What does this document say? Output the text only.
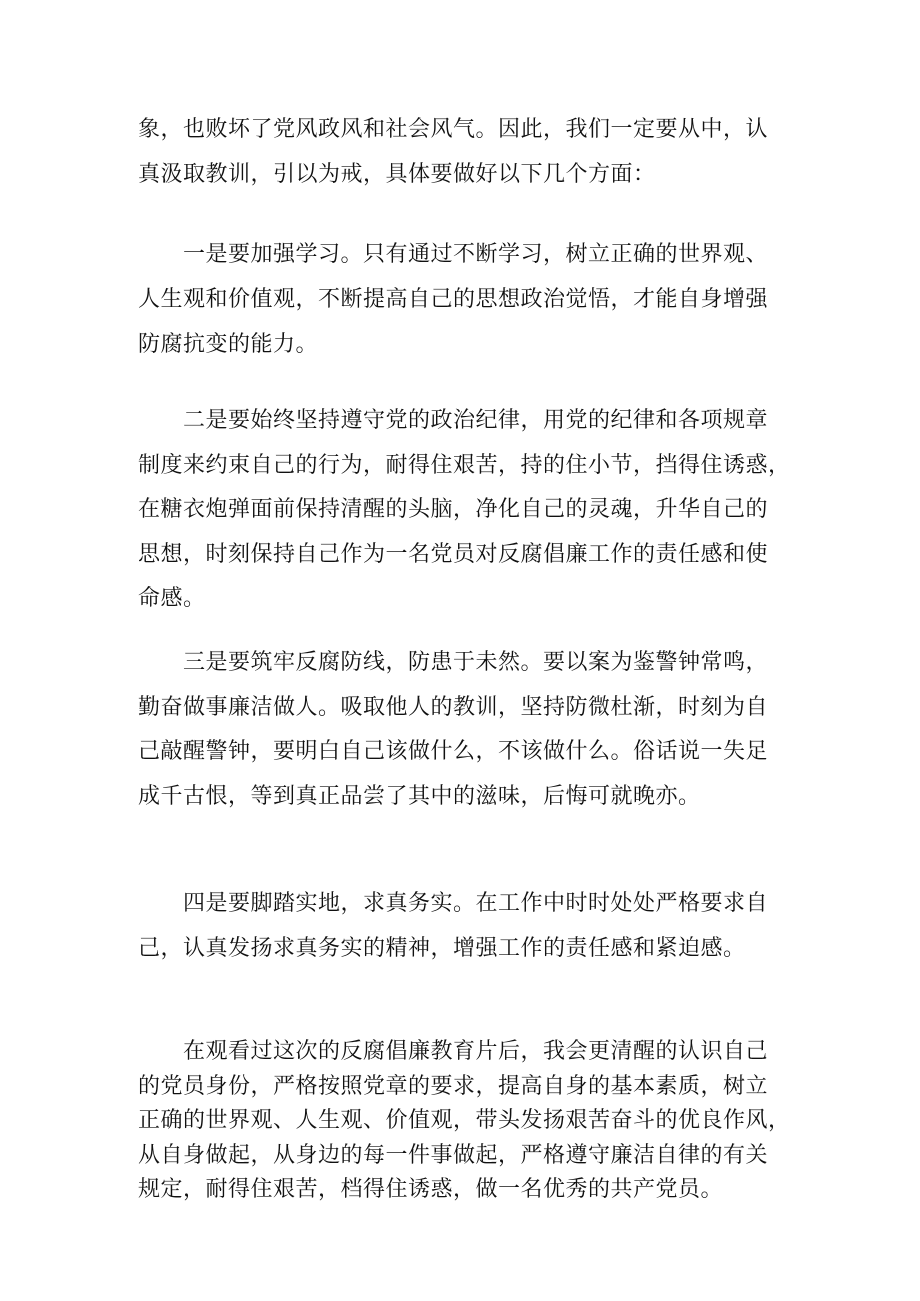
象，也败坏了党风政风和社会风气。因此，我们一定要从中，认
真汲取教训，引以为戒，具体要做好以下几个方面：

　　一是要加强学习。只有通过不断学习，树立正确的世界观、
人生观和价值观，不断提高自己的思想政治觉悟，才能自身增强
防腐抗变的能力。

　　二是要始终坚持遵守党的政治纪律，用党的纪律和各项规章
制度来约束自己的行为，耐得住艰苦，持的住小节，挡得住诱惑，
在糖衣炮弹面前保持清醒的头脑，净化自己的灵魂，升华自己的
思想，时刻保持自己作为一名党员对反腐倡廉工作的责任感和使
命感。

　　三是要筑牢反腐防线，防患于未然。要以案为鉴警钟常鸣，
勤奋做事廉洁做人。吸取他人的教训，坚持防微杜渐，时刻为自
己敲醒警钟，要明白自己该做什么，不该做什么。俗话说一失足
成千古恨，等到真正品尝了其中的滋味，后悔可就晚亦。

　　四是要脚踏实地，求真务实。在工作中时时处处严格要求自
己，认真发扬求真务实的精神，增强工作的责任感和紧迫感。

　　在观看过这次的反腐倡廉教育片后，我会更清醒的认识自己
的党员身份，严格按照党章的要求，提高自身的基本素质，树立
正确的世界观、人生观、价值观，带头发扬艰苦奋斗的优良作风，
从自身做起，从身边的每一件事做起，严格遵守廉洁自律的有关
规定，耐得住艰苦，档得住诱惑，做一名优秀的共产党员。
